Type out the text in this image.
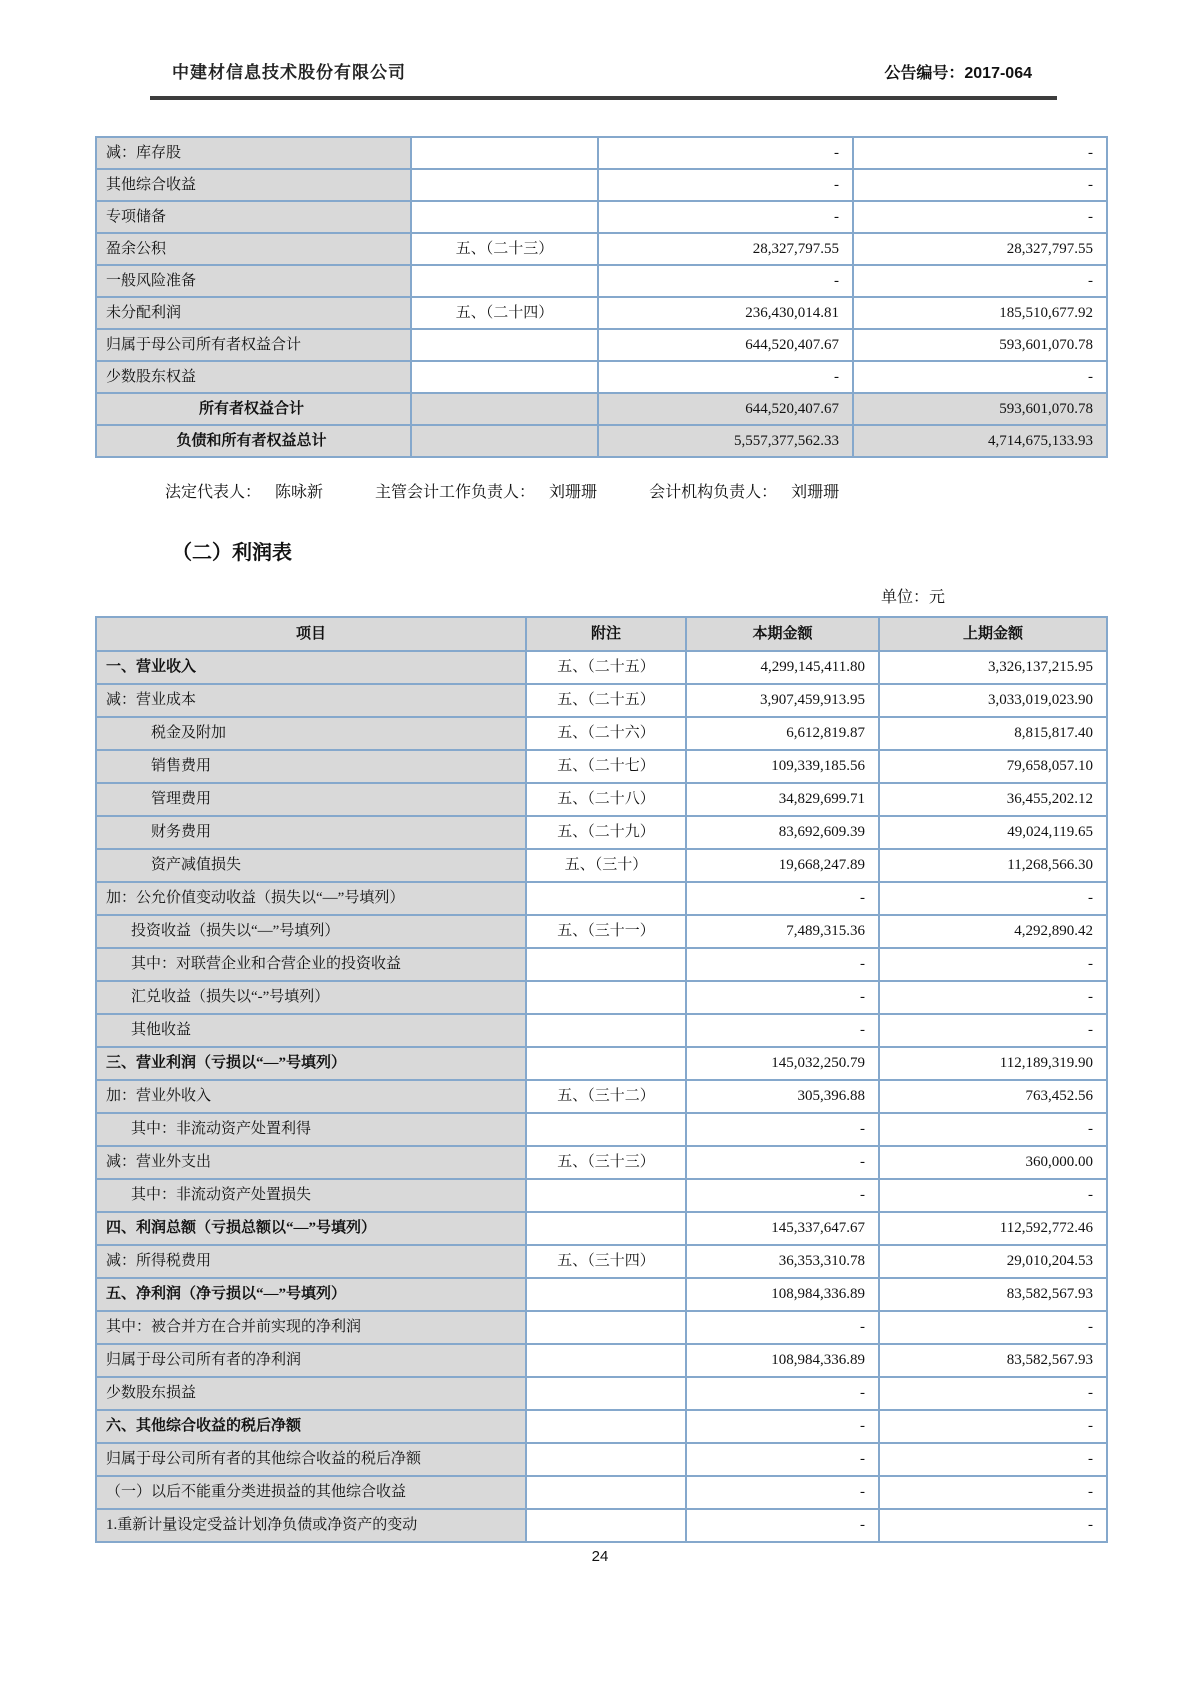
中建材信息技术股份有限公司	公告编号：2017-064
减：库存股		-	-
其他综合收益		-	-
专项储备		-	-
盈余公积	五、（二十三）	28,327,797.55	28,327,797.55
一般风险准备		-	-
未分配利润	五、（二十四）	236,430,014.81	185,510,677.92
归属于母公司所有者权益合计		644,520,407.67	593,601,070.78
少数股东权益		-	-
所有者权益合计		644,520,407.67	593,601,070.78
负债和所有者权益总计		5,557,377,562.33	4,714,675,133.93
法定代表人： 陈咏新	主管会计工作负责人： 刘珊珊	会计机构负责人： 刘珊珊
（二）利润表
单位：元
项目	附注	本期金额	上期金额
一、营业收入	五、（二十五）	4,299,145,411.80	3,326,137,215.95
减：营业成本	五、（二十五）	3,907,459,913.95	3,033,019,023.90
税金及附加	五、（二十六）	6,612,819.87	8,815,817.40
销售费用	五、（二十七）	109,339,185.56	79,658,057.10
管理费用	五、（二十八）	34,829,699.71	36,455,202.12
财务费用	五、（二十九）	83,692,609.39	49,024,119.65
资产减值损失	五、（三十）	19,668,247.89	11,268,566.30
加：公允价值变动收益（损失以“—”号填列）		-	-
投资收益（损失以“—”号填列）	五、（三十一）	7,489,315.36	4,292,890.42
其中：对联营企业和合营企业的投资收益		-	-
汇兑收益（损失以“-”号填列）		-	-
其他收益		-	-
三、营业利润（亏损以“—”号填列）		145,032,250.79	112,189,319.90
加：营业外收入	五、（三十二）	305,396.88	763,452.56
其中：非流动资产处置利得		-	-
减：营业外支出	五、（三十三）	-	360,000.00
其中：非流动资产处置损失		-	-
四、利润总额（亏损总额以“—”号填列）		145,337,647.67	112,592,772.46
减：所得税费用	五、（三十四）	36,353,310.78	29,010,204.53
五、净利润（净亏损以“—”号填列）		108,984,336.89	83,582,567.93
其中：被合并方在合并前实现的净利润		-	-
归属于母公司所有者的净利润		108,984,336.89	83,582,567.93
少数股东损益		-	-
六、其他综合收益的税后净额		-	-
归属于母公司所有者的其他综合收益的税后净额		-	-
（一）以后不能重分类进损益的其他综合收益		-	-
1.重新计量设定受益计划净负债或净资产的变动		-	-
24
